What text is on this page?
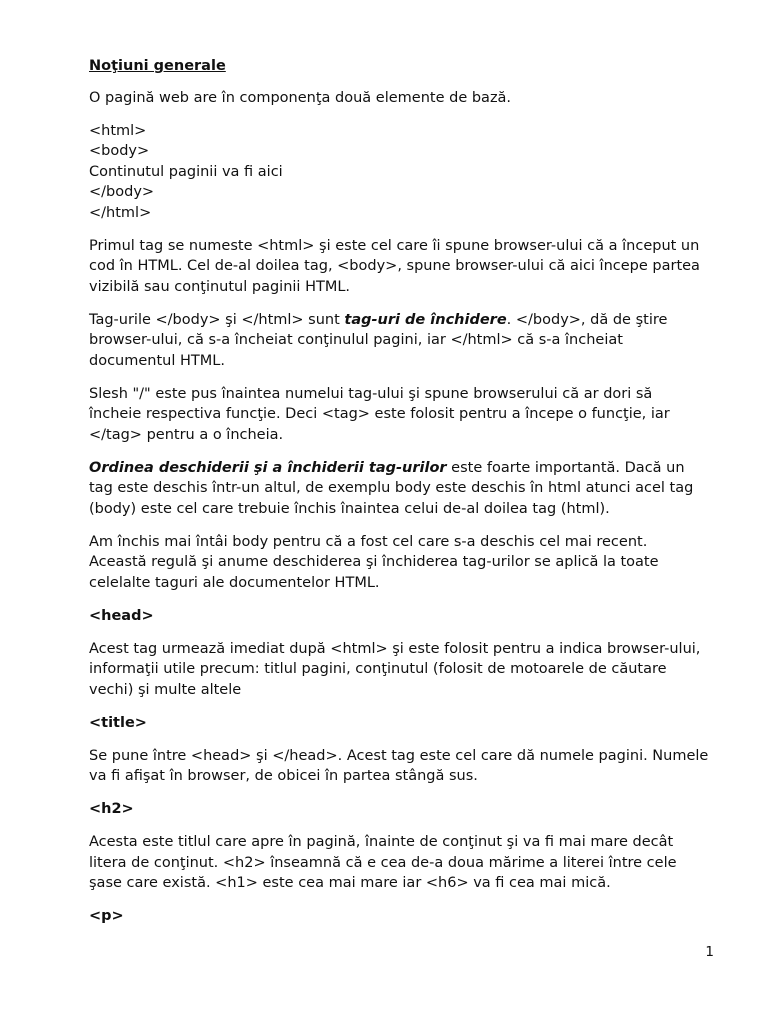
Noţiuni generale

O pagină web are în componenţa două elemente de bază.

<html>
<body>
Continutul paginii va fi aici
</body>
</html>

Primul tag se numeste <html> şi este cel care îi spune browser-ului că a început un cod în HTML. Cel de-al doilea tag, <body>, spune browser-ului că aici începe partea vizibilă sau conţinutul paginii HTML.

Tag-urile </body> şi </html> sunt tag-uri de închidere. </body>, dă de ştire browser-ului, că s-a încheiat conţinulul pagini, iar </html> că s-a încheiat documentul HTML.

Slesh "/" este pus înaintea numelui tag-ului şi spune browserului că ar dori să încheie respectiva funcţie. Deci <tag> este folosit pentru a începe o funcţie, iar </tag> pentru a o încheia.

Ordinea deschiderii şi a închiderii tag-urilor este foarte importantă. Dacă un tag este deschis într-un altul, de exemplu body este deschis în html atunci acel tag (body) este cel care trebuie închis înaintea celui de-al doilea tag (html).

Am închis mai întâi body pentru că a fost cel care s-a deschis cel mai recent. Această regulă şi anume deschiderea şi închiderea tag-urilor se aplică la toate celelalte taguri ale documentelor HTML.

<head>

Acest tag urmează imediat după <html> şi este folosit pentru a indica browser-ului, informaţii utile precum: titlul pagini, conţinutul (folosit de motoarele de căutare vechi) şi multe altele

<title>

Se pune între <head> şi </head>. Acest tag este cel care dă numele pagini. Numele va fi afişat în browser, de obicei în partea stângă sus.

<h2>

Acesta este titlul care apre în pagină, înainte de conţinut şi va fi mai mare decât litera de conţinut. <h2> înseamnă că e cea de-a doua mărime a literei între cele şase care există. <h1> este cea mai mare iar <h6> va fi cea mai mică.

<p>

1
